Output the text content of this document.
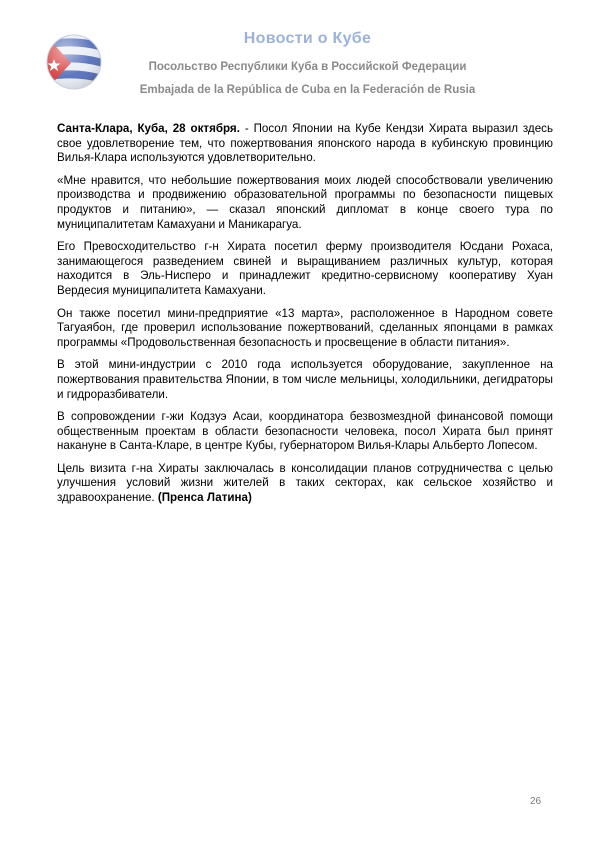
Новости о Кубе
Посольство Республики Куба в Российской Федерации
Embajada de la República de Cuba en la Federación de Rusia

Санта-Клара, Куба, 28 октября. - Посол Японии на Кубе Кендзи Хирата выразил здесь свое удовлетворение тем, что пожертвования японского народа в кубинскую провинцию Вилья-Клара используются удовлетворительно.

«Мне нравится, что небольшие пожертвования моих людей способствовали увеличению производства и продвижению образовательной программы по безопасности пищевых продуктов и питанию», — сказал японский дипломат в конце своего тура по муниципалитетам Камахуани и Маникарагуа.

Его Превосходительство г-н Хирата посетил ферму производителя Юсдани Рохаса, занимающегося разведением свиней и выращиванием различных культур, которая находится в Эль-Нисперо и принадлежит кредитно-сервисному кооперативу Хуан Вердесия муниципалитета Камахуани.

Он также посетил мини-предприятие «13 марта», расположенное в Народном совете Тагуаябон, где проверил использование пожертвований, сделанных японцами в рамках программы «Продовольственная безопасность и просвещение в области питания».

В этой мини-индустрии с 2010 года используется оборудование, закупленное на пожертвования правительства Японии, в том числе мельницы, холодильники, дегидраторы и гидроразбиватели.

В сопровождении г-жи Кодзуэ Асаи, координатора безвозмездной финансовой помощи общественным проектам в области безопасности человека, посол Хирата был принят накануне в Санта-Кларе, в центре Кубы, губернатором Вилья-Клары Альберто Лопесом.

Цель визита г-на Хираты заключалась в консолидации планов сотрудничества с целью улучшения условий жизни жителей в таких секторах, как сельское хозяйство и здравоохранение. (Пренса Латина)

26
